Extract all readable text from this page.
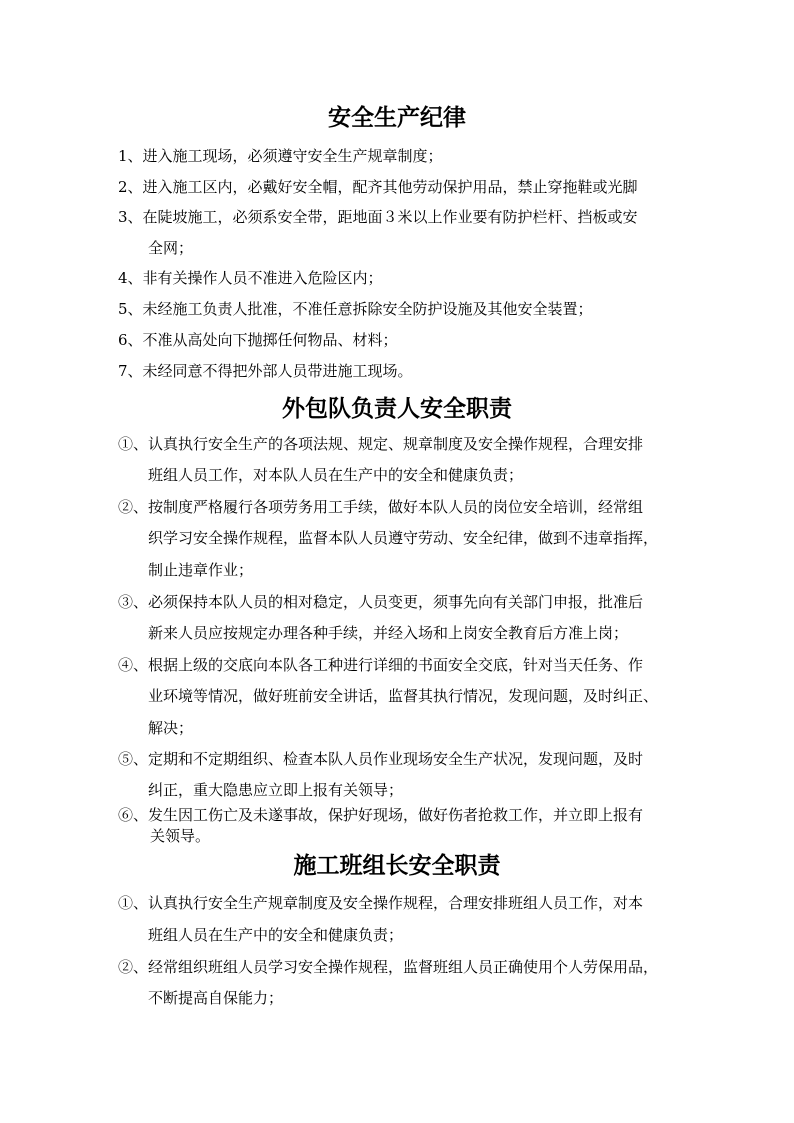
安全生产纪律
1、进入施工现场，必须遵守安全生产规章制度；
2、进入施工区内，必戴好安全帽，配齐其他劳动保护用品，禁止穿拖鞋或光脚
3、在陡坡施工，必须系安全带，距地面３米以上作业要有防护栏杆、挡板或安
全网；
4、非有关操作人员不准进入危险区内；
5、未经施工负责人批准，不准任意拆除安全防护设施及其他安全装置；
6、不准从高处向下抛掷任何物品、材料；
7、未经同意不得把外部人员带进施工现场。
外包队负责人安全职责
①、认真执行安全生产的各项法规、规定、规章制度及安全操作规程，合理安排
班组人员工作，对本队人员在生产中的安全和健康负责；
②、按制度严格履行各项劳务用工手续，做好本队人员的岗位安全培训，经常组
织学习安全操作规程，监督本队人员遵守劳动、安全纪律，做到不违章指挥，
制止违章作业；
③、必须保持本队人员的相对稳定，人员变更，须事先向有关部门申报，批准后
新来人员应按规定办理各种手续，并经入场和上岗安全教育后方准上岗；
④、根据上级的交底向本队各工种进行详细的书面安全交底，针对当天任务、作
业环境等情况，做好班前安全讲话，监督其执行情况，发现问题，及时纠正、
解决；
⑤、定期和不定期组织、检查本队人员作业现场安全生产状况，发现问题，及时
纠正，重大隐患应立即上报有关领导；
⑥、发生因工伤亡及未遂事故，保护好现场，做好伤者抢救工作，并立即上报有
关领导。
施工班组长安全职责
①、认真执行安全生产规章制度及安全操作规程，合理安排班组人员工作，对本
班组人员在生产中的安全和健康负责；
②、经常组织班组人员学习安全操作规程，监督班组人员正确使用个人劳保用品，
不断提高自保能力；
